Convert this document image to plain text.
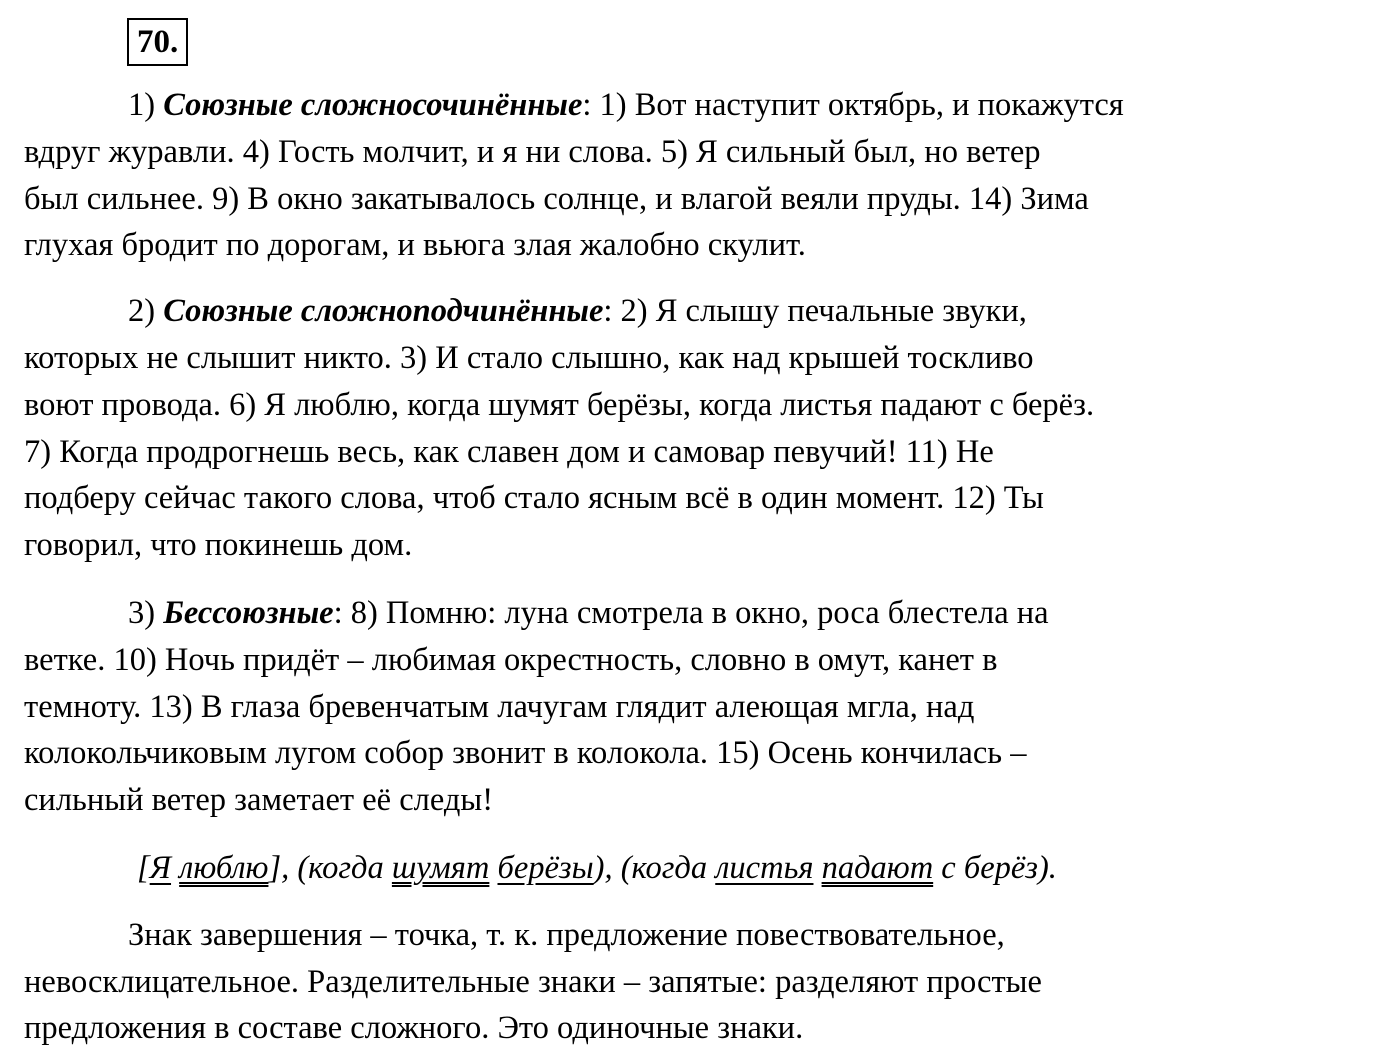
70.
1) Союзные сложносочинённые: 1) Вот наступит октябрь, и покажутся
вдруг журавли. 4) Гость молчит, и я ни слова. 5) Я сильный был, но ветер
был сильнее. 9) В окно закатывалось солнце, и влагой веяли пруды. 14) Зима
глухая бродит по дорогам, и вьюга злая жалобно скулит.
2) Союзные сложноподчинённые: 2) Я слышу печальные звуки,
которых не слышит никто. 3) И стало слышно, как над крышей тоскливо
воют провода. 6) Я люблю, когда шумят берёзы, когда листья падают с берёз.
7) Когда продрогнешь весь, как славен дом и самовар певучий! 11) Не
подберу сейчас такого слова, чтоб стало ясным всё в один момент. 12) Ты
говорил, что покинешь дом.
3) Бессоюзные: 8) Помню: луна смотрела в окно, роса блестела на
ветке. 10) Ночь придёт – любимая окрестность, словно в омут, канет в
темноту. 13) В глаза бревенчатым лачугам глядит алеющая мгла, над
колокольчиковым лугом собор звонит в колокола. 15) Осень кончилась –
сильный ветер заметает её следы!
[Я люблю], (когда шумят берёзы), (когда листья падают с берёз).
Знак завершения – точка, т. к. предложение повествовательное,
невосклицательное. Разделительные знаки – запятые: разделяют простые
предложения в составе сложного. Это одиночные знаки.
